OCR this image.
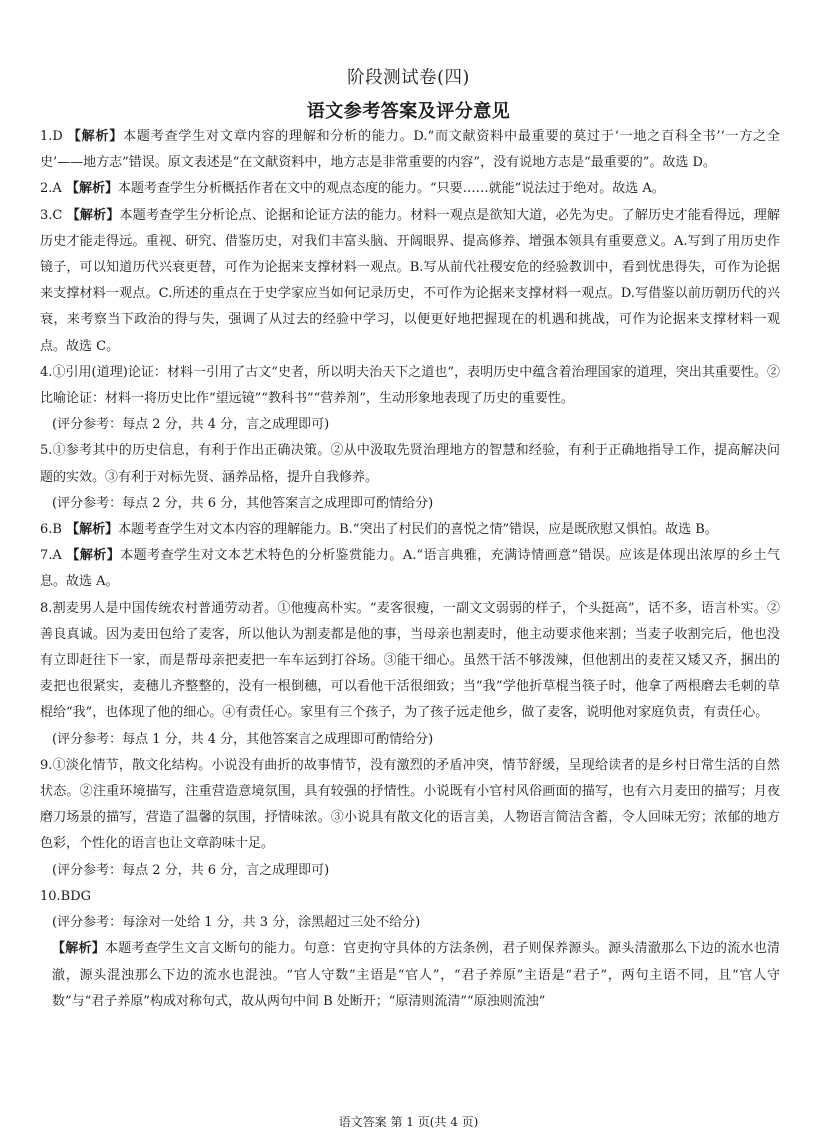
阶段测试卷(四)
语文参考答案及评分意见
1.D 【解析】本题考查学生对文章内容的理解和分析的能力。D.“而文献资料中最重要的莫过于‘一地之百科全书’‘一方之全史’——地方志”错误。原文表述是“在文献资料中，地方志是非常重要的内容”，没有说地方志是“最重要的”。故选 D。
2.A 【解析】本题考查学生分析概括作者在文中的观点态度的能力。“只要……就能”说法过于绝对。故选 A。
3.C 【解析】本题考查学生分析论点、论据和论证方法的能力。材料一观点是欲知大道，必先为史。了解历史才能看得远，理解历史才能走得远。重视、研究、借鉴历史，对我们丰富头脑、开阔眼界、提高修养、增强本领具有重要意义。A.写到了用历史作镜子，可以知道历代兴衰更替，可作为论据来支撑材料一观点。B.写从前代社稷安危的经验教训中，看到忧患得失，可作为论据来支撑材料一观点。C.所述的重点在于史学家应当如何记录历史，不可作为论据来支撑材料一观点。D.写借鉴以前历朝历代的兴衰，来考察当下政治的得与失，强调了从过去的经验中学习，以便更好地把握现在的机遇和挑战，可作为论据来支撑材料一观点。故选 C。
4.①引用(道理)论证：材料一引用了古文“史者，所以明夫治天下之道也”，表明历史中蕴含着治理国家的道理，突出其重要性。②比喻论证：材料一将历史比作“望远镜”“教科书”“营养剂”，生动形象地表现了历史的重要性。
(评分参考：每点 2 分，共 4 分，言之成理即可)
5.①参考其中的历史信息，有利于作出正确决策。②从中汲取先贤治理地方的智慧和经验，有利于正确地指导工作，提高解决问题的实效。③有利于对标先贤、涵养品格，提升自我修养。
(评分参考：每点 2 分，共 6 分，其他答案言之成理即可酌情给分)
6.B 【解析】本题考查学生对文本内容的理解能力。B.“突出了村民们的喜悦之情”错误，应是既欣慰又惧怕。故选 B。
7.A 【解析】本题考查学生对文本艺术特色的分析鉴赏能力。A.“语言典雅，充满诗情画意”错误。应该是体现出浓厚的乡土气息。故选 A。
8.割麦男人是中国传统农村普通劳动者。①他瘦高朴实。“麦客很瘦，一副文文弱弱的样子，个头挺高”，话不多，语言朴实。②善良真诚。因为麦田包给了麦客，所以他认为割麦都是他的事，当母亲也割麦时，他主动要求他来割；当麦子收割完后，他也没有立即赶往下一家，而是帮母亲把麦把一车车运到打谷场。③能干细心。虽然干活不够泼辣，但他割出的麦茬又矮又齐，捆出的麦把也很紧实，麦穗儿齐整整的，没有一根倒穗，可以看他干活很细致；当“我”学他折草棍当筷子时，他拿了两根磨去毛刺的草棍给“我”，也体现了他的细心。④有责任心。家里有三个孩子，为了孩子远走他乡，做了麦客，说明他对家庭负责，有责任心。
(评分参考：每点 1 分，共 4 分，其他答案言之成理即可酌情给分)
9.①淡化情节，散文化结构。小说没有曲折的故事情节，没有激烈的矛盾冲突，情节舒缓，呈现给读者的是乡村日常生活的自然状态。②注重环境描写，注重营造意境氛围，具有较强的抒情性。小说既有小官村风俗画面的描写，也有六月麦田的描写；月夜磨刀场景的描写，营造了温馨的氛围，抒情味浓。③小说具有散文化的语言美，人物语言简洁含蓄，令人回味无穷；浓郁的地方色彩，个性化的语言也让文章韵味十足。
(评分参考：每点 2 分，共 6 分，言之成理即可)
10.BDG
(评分参考：每涂对一处给 1 分，共 3 分，涂黑超过三处不给分)
【解析】本题考查学生文言文断句的能力。句意：官吏拘守具体的方法条例，君子则保养源头。源头清澈那么下边的流水也清澈，源头混浊那么下边的流水也混浊。“官人守数”主语是“官人”，“君子养原”主语是“君子”，两句主语不同，且“官人守数”与“君子养原”构成对称句式，故从两句中间 B 处断开；“原清则流清”“原浊则流浊”
语文答案 第 1 页(共 4 页)
